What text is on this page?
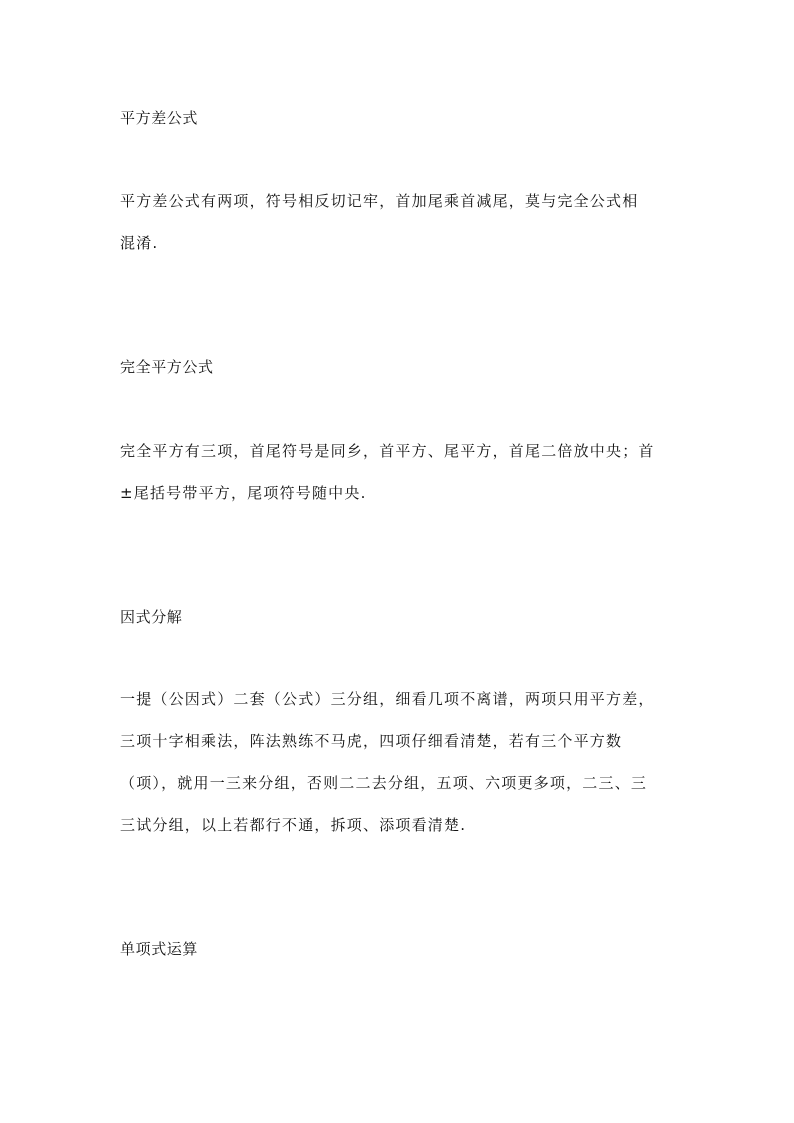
平方差公式
平方差公式有两项，符号相反切记牢，首加尾乘首减尾，莫与完全公式相
混淆.
完全平方公式
完全平方有三项，首尾符号是同乡，首平方、尾平方，首尾二倍放中央；首
±尾括号带平方，尾项符号随中央.
因式分解
一提（公因式）二套（公式）三分组，细看几项不离谱，两项只用平方差，
三项十字相乘法，阵法熟练不马虎，四项仔细看清楚，若有三个平方数
（项），就用一三来分组，否则二二去分组，五项、六项更多项，二三、三
三试分组，以上若都行不通，拆项、添项看清楚.
单项式运算
